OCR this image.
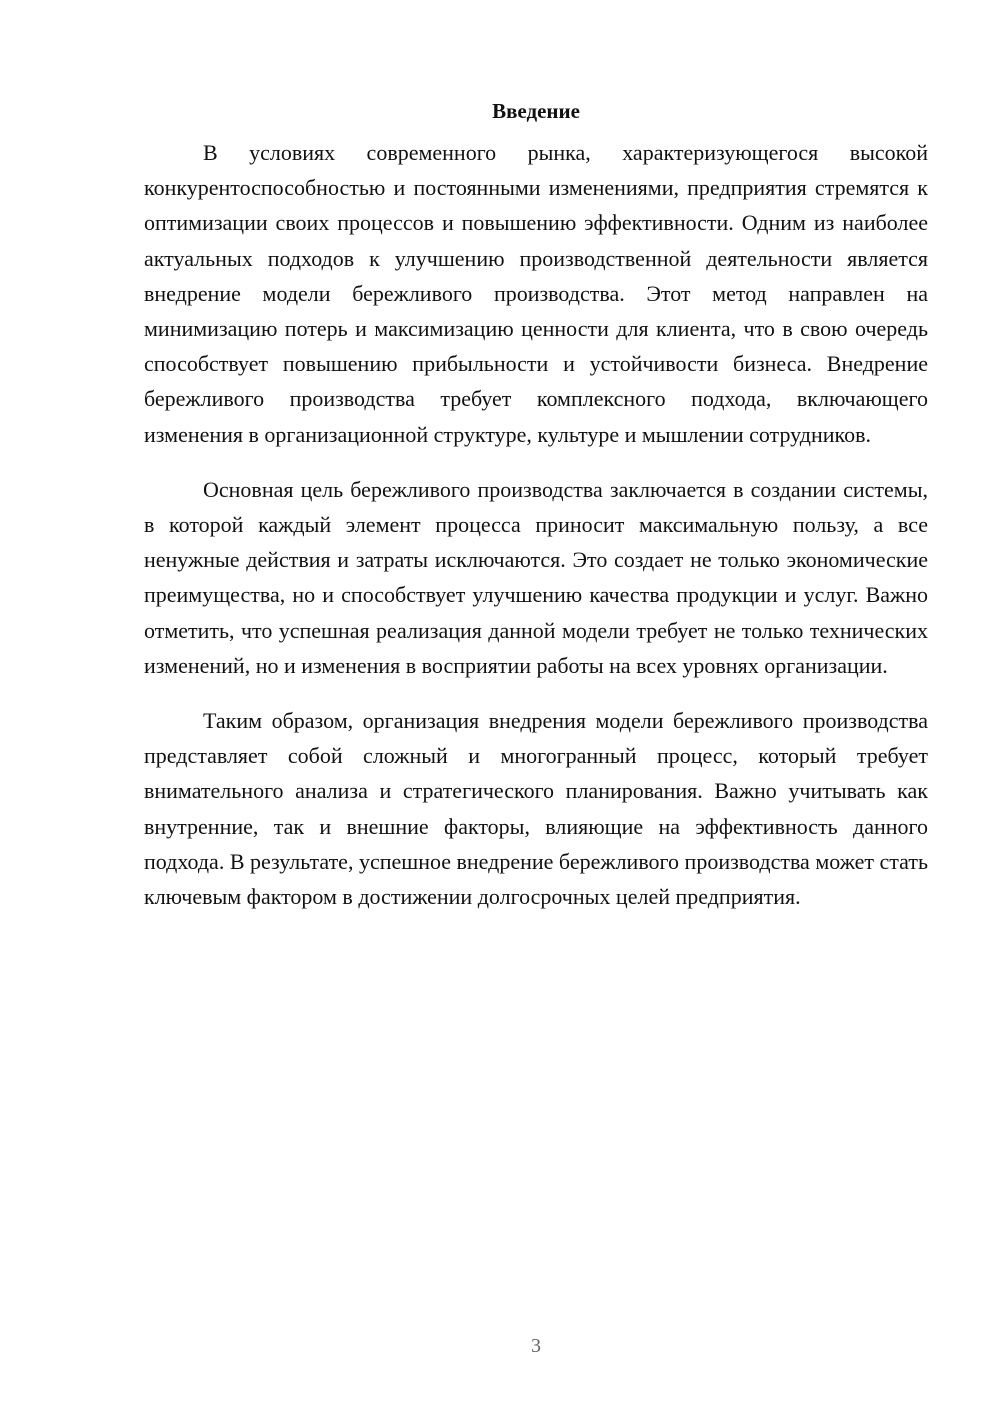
Введение

В условиях современного рынка, характеризующегося высокой конкурентоспособностью и постоянными изменениями, предприятия стремятся к оптимизации своих процессов и повышению эффективности. Одним из наиболее актуальных подходов к улучшению производственной деятельности является внедрение модели бережливого производства. Этот метод направлен на минимизацию потерь и максимизацию ценности для клиента, что в свою очередь способствует повышению прибыльности и устойчивости бизнеса. Внедрение бережливого производства требует комплексного подхода, включающего изменения в организационной структуре, культуре и мышлении сотрудников.

Основная цель бережливого производства заключается в создании системы, в которой каждый элемент процесса приносит максимальную пользу, а все ненужные действия и затраты исключаются. Это создает не только экономические преимущества, но и способствует улучшению качества продукции и услуг. Важно отметить, что успешная реализация данной модели требует не только технических изменений, но и изменения в восприятии работы на всех уровнях организации.

Таким образом, организация внедрения модели бережливого производства представляет собой сложный и многогранный процесс, который требует внимательного анализа и стратегического планирования. Важно учитывать как внутренние, так и внешние факторы, влияющие на эффективность данного подхода. В результате, успешное внедрение бережливого производства может стать ключевым фактором в достижении долгосрочных целей предприятия.

3
